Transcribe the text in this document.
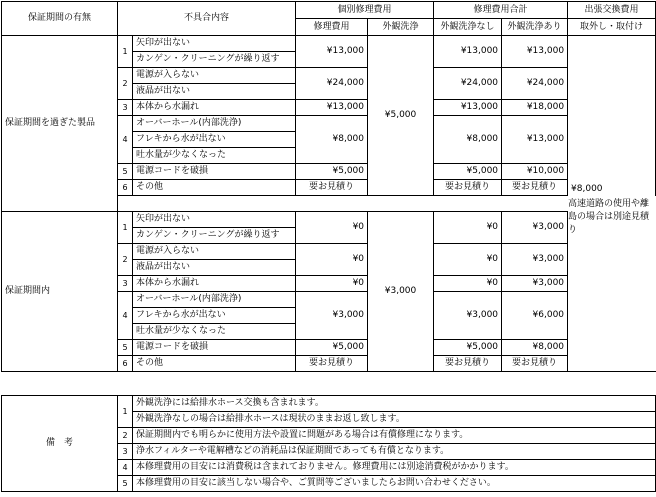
保証期間の有無	不具合内容		個別修理費用		修理費用合計		出張交換費用
			修理費用	外観洗浄	外観洗浄なし	外観洗浄あり	取外し・取付け
保証期間を過ぎた製品	1	矢印が出ない	¥13,000	¥5,000	¥13,000	¥13,000	¥8,000
		カンゲン・クリーニングが繰り返す					
	2	電源が入らない	¥24,000		¥24,000	¥24,000	
		液晶が出ない					
	3	本体から水漏れ	¥13,000		¥13,000	¥18,000	
	4	オーバーホール(内部洗浄)	¥8,000		¥8,000	¥13,000	
		フレキから水が出ない					
		吐水量が少なくなった					
	5	電源コードを破損	¥5,000		¥5,000	¥10,000	
	6	その他	要お見積り		要お見積り	要お見積り	
							高速道路の使用や離島の場合は別途見積り
保証期間内	1	矢印が出ない	¥0	¥3,000	¥0	¥3,000	
		カンゲン・クリーニングが繰り返す					
	2	電源が入らない	¥0		¥0	¥3,000	
		液晶が出ない					
	3	本体から水漏れ	¥0		¥0	¥3,000	
	4	オーバーホール(内部洗浄)	¥3,000		¥3,000	¥6,000	
		フレキから水が出ない					
		吐水量が少なくなった					
	5	電源コードを破損	¥5,000		¥5,000	¥8,000	
	6	その他	要お見積り		要お見積り	要お見積り	
備　考	1	外観洗浄には給排水ホース交換も含まれます。
		外観洗浄なしの場合は給排水ホースは現状のままお返し致します。
	2	保証期間内でも明らかに使用方法や設置に問題がある場合は有償修理になります。
	3	浄水フィルターや電解槽などの消耗品は保証期間であっても有償となります。
	4	本修理費用の目安には消費税は含まれておりません。修理費用には別途消費税がかかります。
	5	本修理費用の目安に該当しない場合や、ご質問等ございましたらお問い合わせください。
